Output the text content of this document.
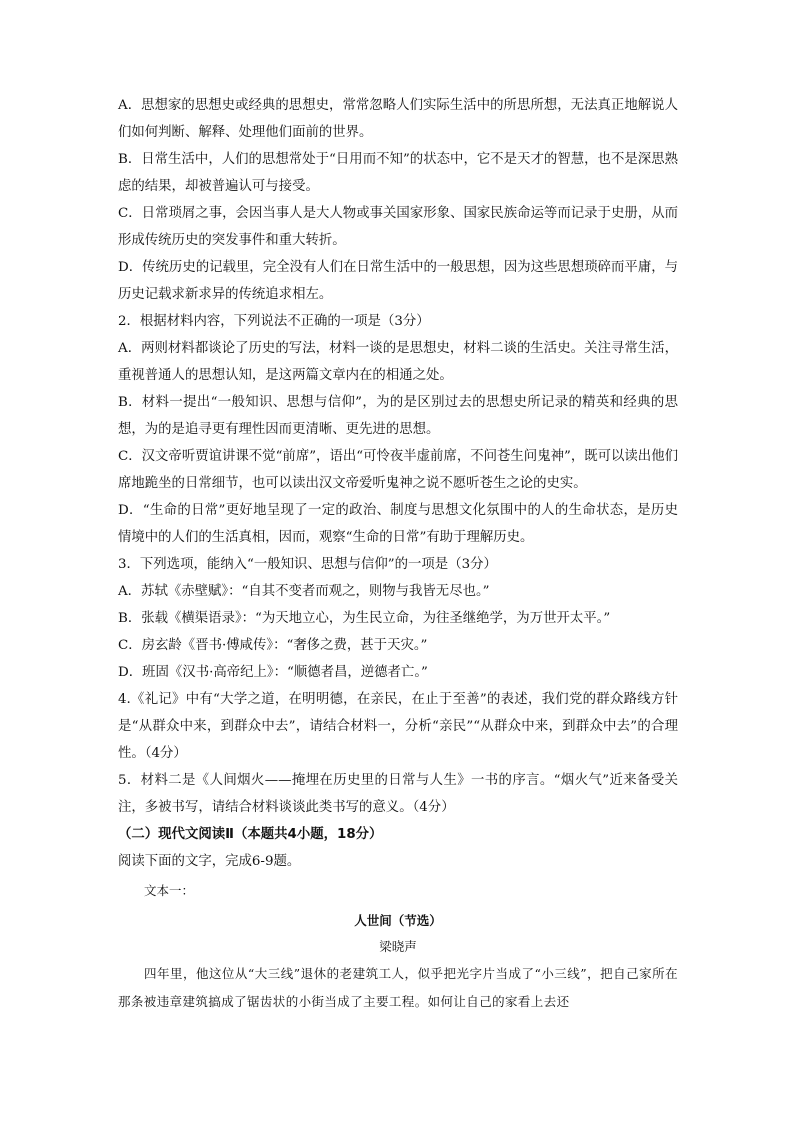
A．思想家的思想史或经典的思想史，常常忽略人们实际生活中的所思所想，无法真正地解说人们如何判断、解释、处理他们面前的世界。

B．日常生活中，人们的思想常处于“日用而不知”的状态中，它不是天才的智慧，也不是深思熟虑的结果，却被普遍认可与接受。

C．日常琐屑之事，会因当事人是大人物或事关国家形象、国家民族命运等而记录于史册，从而形成传统历史的突发事件和重大转折。

D．传统历史的记载里，完全没有人们在日常生活中的一般思想，因为这些思想琐碎而平庸，与历史记载求新求异的传统追求相左。

2．根据材料内容，下列说法不正确的一项是（3分）

A．两则材料都谈论了历史的写法，材料一谈的是思想史，材料二谈的生活史。关注寻常生活，重视普通人的思想认知，是这两篇文章内在的相通之处。

B．材料一提出“一般知识、思想与信仰”，为的是区别过去的思想史所记录的精英和经典的思想，为的是追寻更有理性因而更清晰、更先进的思想。

C．汉文帝听贾谊讲课不觉“前席”，语出“可怜夜半虚前席，不问苍生问鬼神”，既可以读出他们席地跪坐的日常细节，也可以读出汉文帝爱听鬼神之说不愿听苍生之论的史实。

D．“生命的日常”更好地呈现了一定的政治、制度与思想文化氛围中的人的生命状态，是历史情境中的人们的生活真相，因而，观察“生命的日常”有助于理解历史。

3．下列选项，能纳入“一般知识、思想与信仰”的一项是（3分）

A．苏轼《赤壁赋》：“自其不变者而观之，则物与我皆无尽也。”

B．张载《横渠语录》：“为天地立心，为生民立命，为往圣继绝学，为万世开太平。”

C．房玄龄《晋书·傅咸传》：“奢侈之费，甚于天灾。”

D．班固《汉书·高帝纪上》：“顺德者昌，逆德者亡。”

4.《礼记》中有“大学之道，在明明德，在亲民，在止于至善”的表述，我们党的群众路线方针是“从群众中来，到群众中去”，请结合材料一，分析“亲民”“从群众中来，到群众中去”的合理性。（4分）

5．材料二是《人间烟火——掩埋在历史里的日常与人生》一书的序言。“烟火气”近来备受关注，多被书写，请结合材料谈谈此类书写的意义。（4分）

（二）现代文阅读Ⅱ（本题共4小题，18分）

阅读下面的文字，完成6-9题。

文本一：

人世间（节选）

梁晓声

四年里，他这位从“大三线”退休的老建筑工人，似乎把光字片当成了“小三线”，把自己家所在那条被违章建筑搞成了锯齿状的小街当成了主要工程。如何让自己的家看上去还
